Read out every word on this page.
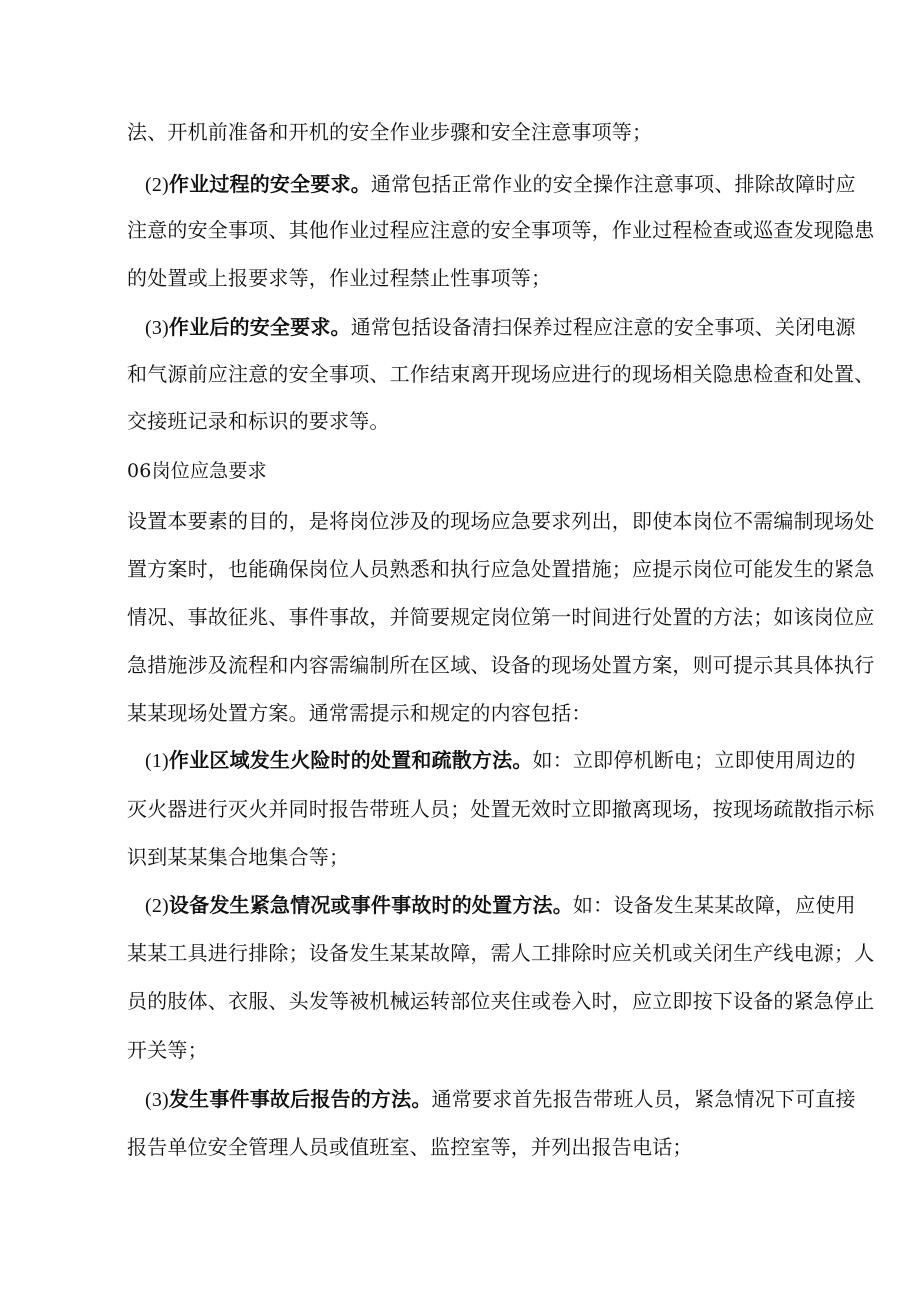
法、开机前准备和开机的安全作业步骤和安全注意事项等；
(2)作业过程的安全要求。通常包括正常作业的安全操作注意事项、排除故障时应
注意的安全事项、其他作业过程应注意的安全事项等，作业过程检查或巡查发现隐患
的处置或上报要求等，作业过程禁止性事项等；
(3)作业后的安全要求。通常包括设备清扫保养过程应注意的安全事项、关闭电源
和气源前应注意的安全事项、工作结束离开现场应进行的现场相关隐患检查和处置、
交接班记录和标识的要求等。
06岗位应急要求
设置本要素的目的，是将岗位涉及的现场应急要求列出，即使本岗位不需编制现场处
置方案时，也能确保岗位人员熟悉和执行应急处置措施；应提示岗位可能发生的紧急
情况、事故征兆、事件事故，并简要规定岗位第一时间进行处置的方法；如该岗位应
急措施涉及流程和内容需编制所在区域、设备的现场处置方案，则可提示其具体执行
某某现场处置方案。通常需提示和规定的内容包括：
(1)作业区域发生火险时的处置和疏散方法。如：立即停机断电；立即使用周边的
灭火器进行灭火并同时报告带班人员；处置无效时立即撤离现场，按现场疏散指示标
识到某某集合地集合等；
(2)设备发生紧急情况或事件事故时的处置方法。如：设备发生某某故障，应使用
某某工具进行排除；设备发生某某故障，需人工排除时应关机或关闭生产线电源；人
员的肢体、衣服、头发等被机械运转部位夹住或卷入时，应立即按下设备的紧急停止
开关等；
(3)发生事件事故后报告的方法。通常要求首先报告带班人员，紧急情况下可直接
报告单位安全管理人员或值班室、监控室等，并列出报告电话；
